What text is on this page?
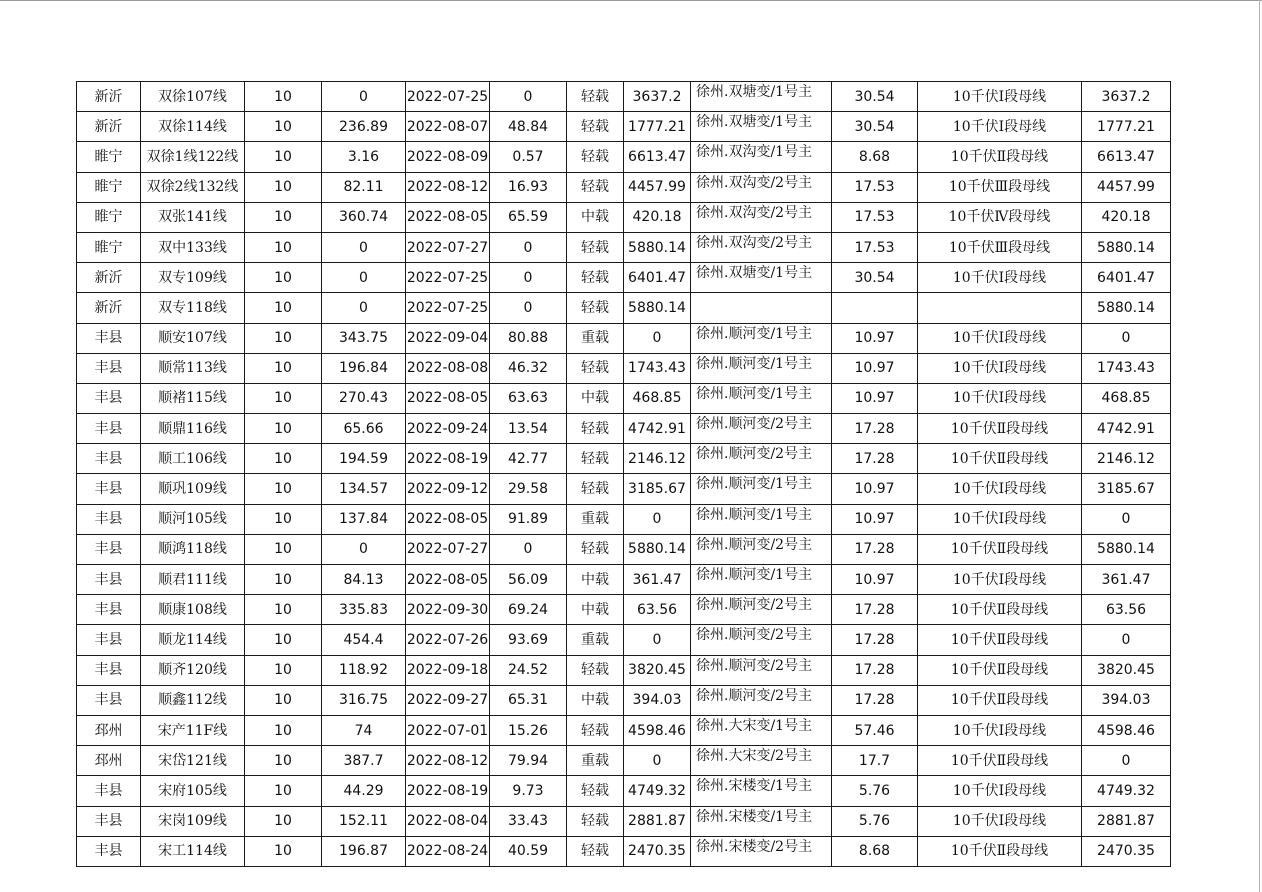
新沂	双徐107线	10	0	2022-07-25	0	轻载	3637.2	徐州.双塘变/1号主	30.54	10千伏Ⅰ段母线	3637.2
新沂	双徐114线	10	236.89	2022-08-07	48.84	轻载	1777.21	徐州.双塘变/1号主	30.54	10千伏Ⅰ段母线	1777.21
睢宁	双徐1线122线	10	3.16	2022-08-09	0.57	轻载	6613.47	徐州.双沟变/1号主	8.68	10千伏Ⅱ段母线	6613.47
睢宁	双徐2线132线	10	82.11	2022-08-12	16.93	轻载	4457.99	徐州.双沟变/2号主	17.53	10千伏Ⅲ段母线	4457.99
睢宁	双张141线	10	360.74	2022-08-05	65.59	中载	420.18	徐州.双沟变/2号主	17.53	10千伏Ⅳ段母线	420.18
睢宁	双中133线	10	0	2022-07-27	0	轻载	5880.14	徐州.双沟变/2号主	17.53	10千伏Ⅲ段母线	5880.14
新沂	双专109线	10	0	2022-07-25	0	轻载	6401.47	徐州.双塘变/1号主	30.54	10千伏Ⅰ段母线	6401.47
新沂	双专118线	10	0	2022-07-25	0	轻载	5880.14				5880.14
丰县	顺安107线	10	343.75	2022-09-04	80.88	重载	0	徐州.顺河变/1号主	10.97	10千伏Ⅰ段母线	0
丰县	顺常113线	10	196.84	2022-08-08	46.32	轻载	1743.43	徐州.顺河变/1号主	10.97	10千伏Ⅰ段母线	1743.43
丰县	顺褚115线	10	270.43	2022-08-05	63.63	中载	468.85	徐州.顺河变/1号主	10.97	10千伏Ⅰ段母线	468.85
丰县	顺鼎116线	10	65.66	2022-09-24	13.54	轻载	4742.91	徐州.顺河变/2号主	17.28	10千伏Ⅱ段母线	4742.91
丰县	顺工106线	10	194.59	2022-08-19	42.77	轻载	2146.12	徐州.顺河变/2号主	17.28	10千伏Ⅱ段母线	2146.12
丰县	顺巩109线	10	134.57	2022-09-12	29.58	轻载	3185.67	徐州.顺河变/1号主	10.97	10千伏Ⅰ段母线	3185.67
丰县	顺河105线	10	137.84	2022-08-05	91.89	重载	0	徐州.顺河变/1号主	10.97	10千伏Ⅰ段母线	0
丰县	顺鸿118线	10	0	2022-07-27	0	轻载	5880.14	徐州.顺河变/2号主	17.28	10千伏Ⅱ段母线	5880.14
丰县	顺君111线	10	84.13	2022-08-05	56.09	中载	361.47	徐州.顺河变/1号主	10.97	10千伏Ⅰ段母线	361.47
丰县	顺康108线	10	335.83	2022-09-30	69.24	中载	63.56	徐州.顺河变/2号主	17.28	10千伏Ⅱ段母线	63.56
丰县	顺龙114线	10	454.4	2022-07-26	93.69	重载	0	徐州.顺河变/2号主	17.28	10千伏Ⅱ段母线	0
丰县	顺齐120线	10	118.92	2022-09-18	24.52	轻载	3820.45	徐州.顺河变/2号主	17.28	10千伏Ⅱ段母线	3820.45
丰县	顺鑫112线	10	316.75	2022-09-27	65.31	中载	394.03	徐州.顺河变/2号主	17.28	10千伏Ⅱ段母线	394.03
邳州	宋产11F线	10	74	2022-07-01	15.26	轻载	4598.46	徐州.大宋变/1号主	57.46	10千伏Ⅰ段母线	4598.46
邳州	宋岱121线	10	387.7	2022-08-12	79.94	重载	0	徐州.大宋变/2号主	17.7	10千伏Ⅱ段母线	0
丰县	宋府105线	10	44.29	2022-08-19	9.73	轻载	4749.32	徐州.宋楼变/1号主	5.76	10千伏Ⅰ段母线	4749.32
丰县	宋岗109线	10	152.11	2022-08-04	33.43	轻载	2881.87	徐州.宋楼变/1号主	5.76	10千伏Ⅰ段母线	2881.87
丰县	宋工114线	10	196.87	2022-08-24	40.59	轻载	2470.35	徐州.宋楼变/2号主	8.68	10千伏Ⅱ段母线	2470.35
